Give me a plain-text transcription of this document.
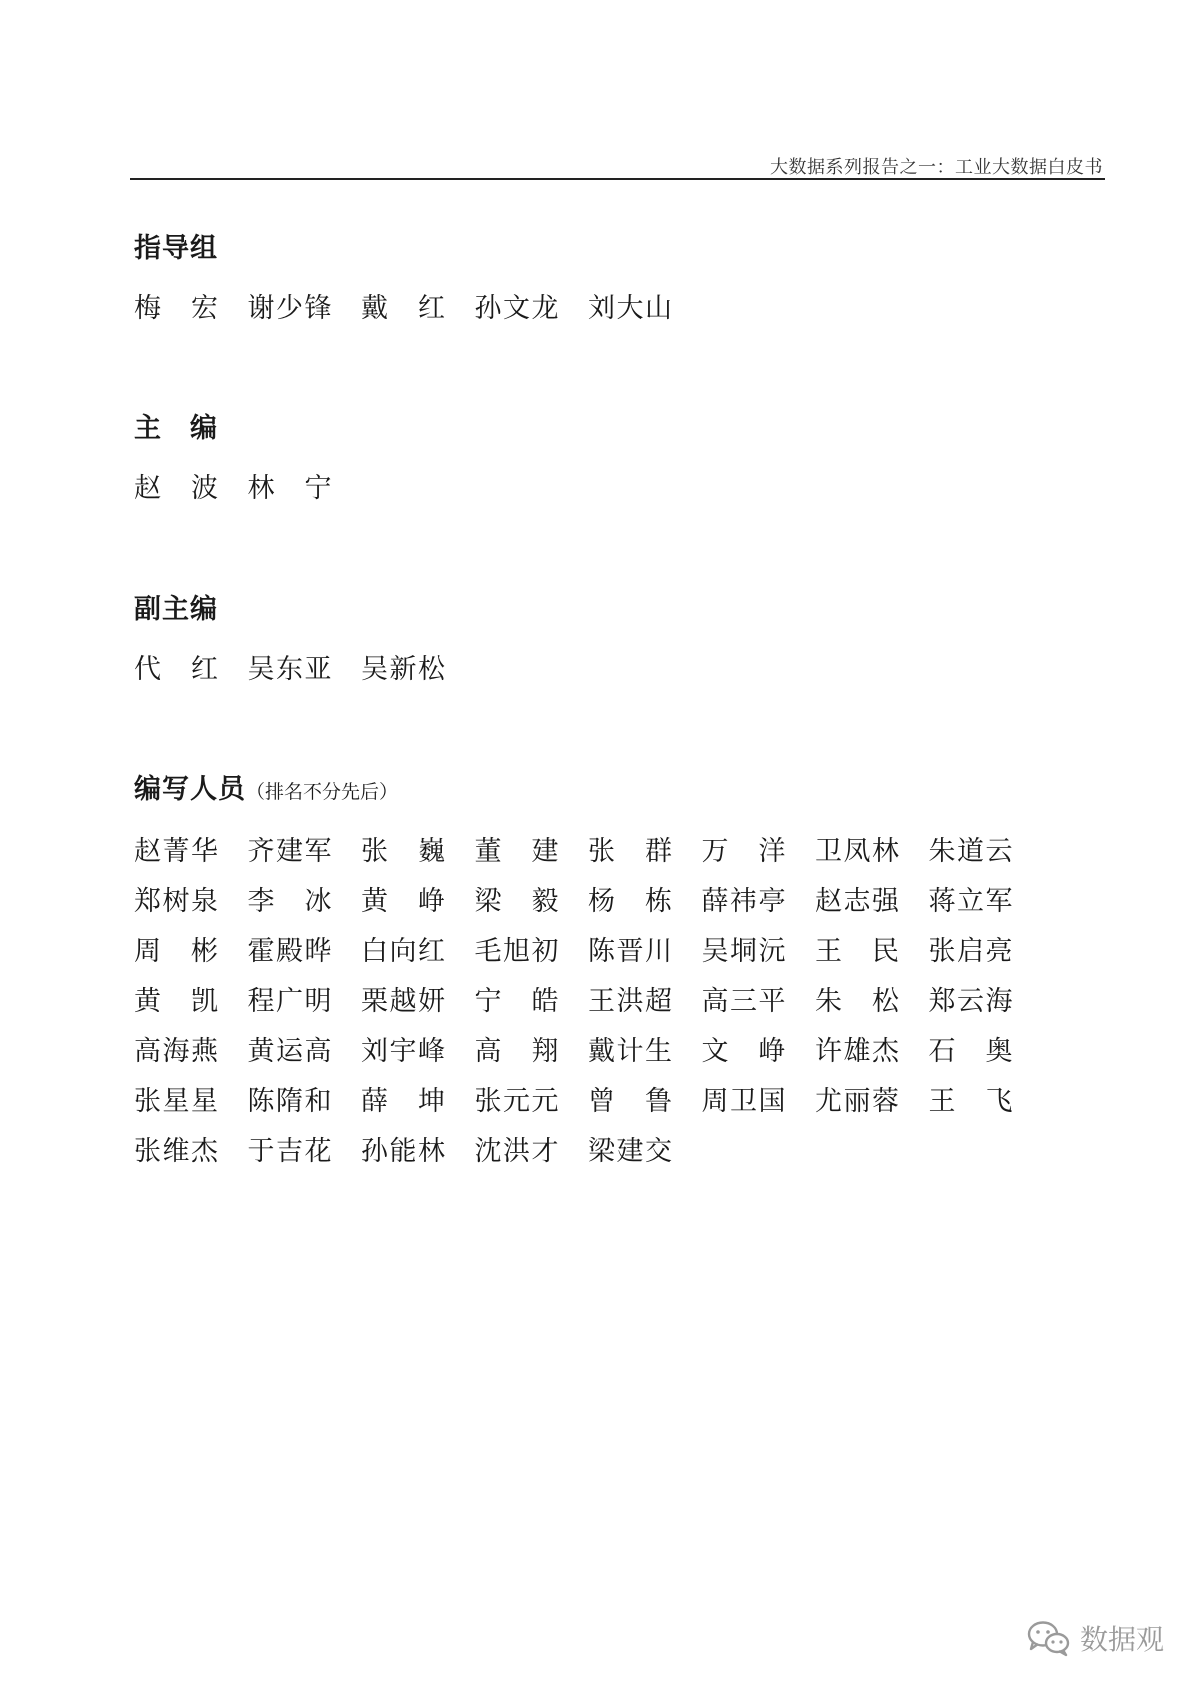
大数据系列报告之一：工业大数据白皮书
指导组
梅　宏	谢少锋	戴　红	孙文龙	刘大山
主　编
赵　波	林　宁
副主编
代　红	吴东亚	吴新松
编写人员（排名不分先后）
赵菁华	齐建军	张　巍	董　建	张　群	万　洋	卫凤林	朱道云
郑树泉	李　冰	黄　峥	梁　毅	杨　栋	薛祎亭	赵志强	蒋立军
周　彬	霍殿晔	白向红	毛旭初	陈晋川	吴垌沅	王　民	张启亮
黄　凯	程广明	栗越妍	宁　皓	王洪超	高三平	朱　松	郑云海
高海燕	黄运高	刘宇峰	高　翔	戴计生	文　峥	许雄杰	石　奥
张星星	陈隋和	薛　坤	张元元	曾　鲁	周卫国	尤丽蓉	王　飞
张维杰	于吉花	孙能林	沈洪才	梁建交
数据观
